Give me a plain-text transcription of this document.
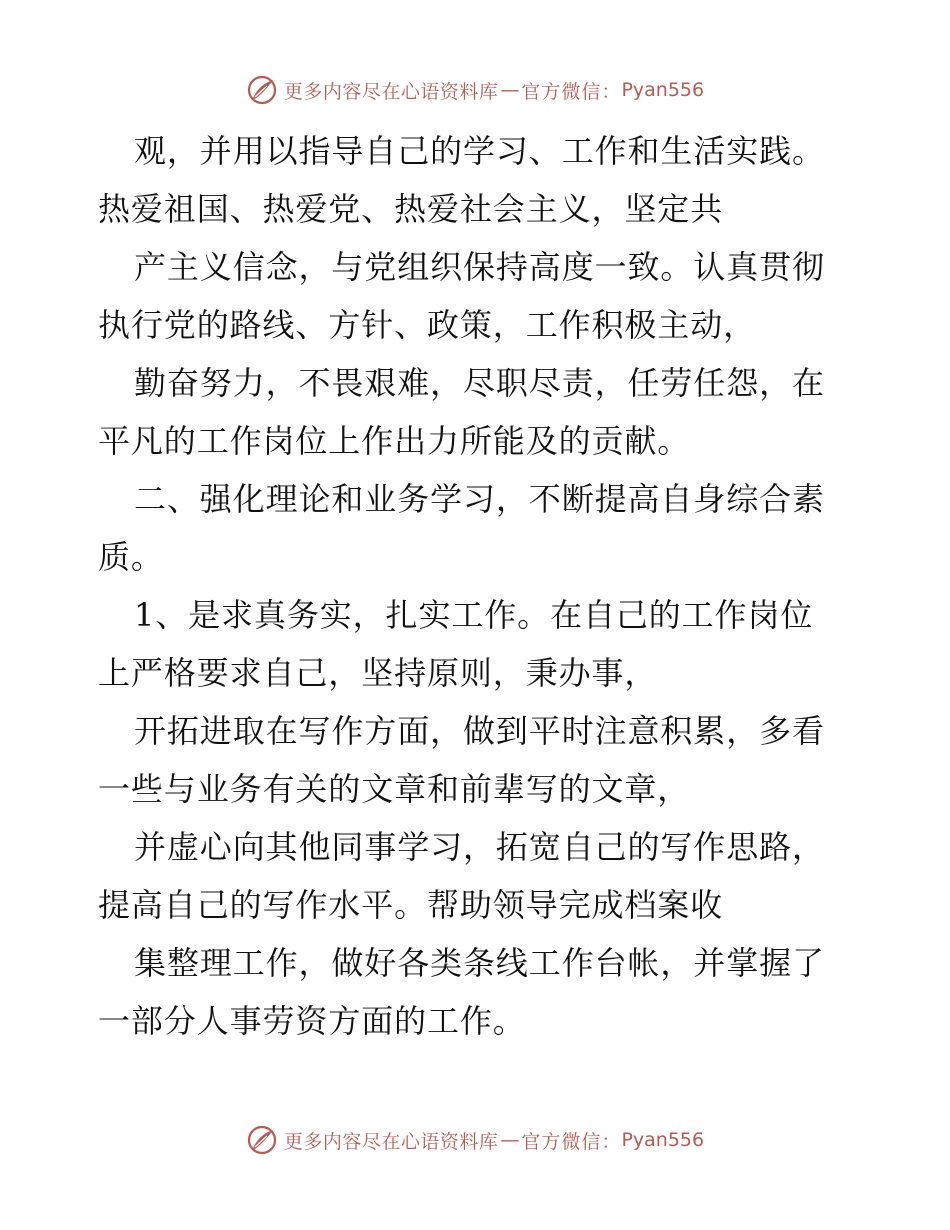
更多内容尽在心语资料库 — 官方微信： Pyan556
观，并用以指导自己的学习、工作和生活实践。
热爱祖国、热爱党、热爱社会主义，坚定共
产主义信念，与党组织保持高度一致。认真贯彻
执行党的路线、方针、政策，工作积极主动，
勤奋努力，不畏艰难，尽职尽责，任劳任怨，在
平凡的工作岗位上作出力所能及的贡献。
二、强化理论和业务学习，不断提高自身综合素
质。
1、是求真务实，扎实工作。在自己的工作岗位
上严格要求自己，坚持原则，秉办事，
开拓进取在写作方面，做到平时注意积累，多看
一些与业务有关的文章和前辈写的文章，
并虚心向其他同事学习，拓宽自己的写作思路，
提高自己的写作水平。帮助领导完成档案收
集整理工作，做好各类条线工作台帐，并掌握了
一部分人事劳资方面的工作。
更多内容尽在心语资料库 — 官方微信： Pyan556
